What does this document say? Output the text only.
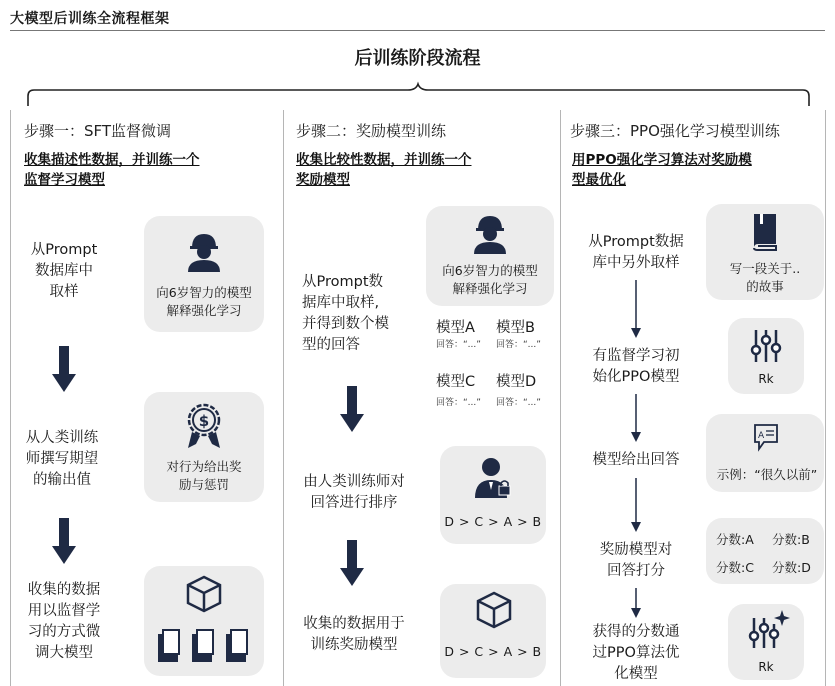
大模型后训练全流程框架
后训练阶段流程
步骤一：SFT监督微调
收集描述性数据，并训练一个
监督学习模型
从Prompt
数据库中
取样
从人类训练
师撰写期望
的输出值
收集的数据
用以监督学
习的方式微
调大模型
向6岁智力的模型
解释强化学习
$
对行为给出奖
励与惩罚
步骤二：奖励模型训练
收集比较性数据，并训练一个
奖励模型
从Prompt数
据库中取样,
并得到数个模
型的回答
由人类训练师对
回答进行排序
收集的数据用于
训练奖励模型
向6岁智力的模型
解释强化学习
模型A
回答：“...”
模型B
回答：“...”
模型C
回答：“...”
模型D
回答：“...”
D > C > A > B
D > C > A > B
步骤三：PPO强化学习模型训练
用PPO强化学习算法对奖励模
型最优化
从Prompt数据
库中另外取样
有监督学习初
始化PPO模型
模型给出回答
奖励模型对
回答打分
获得的分数通
过PPO算法优
化模型
写一段关于..
的故事
Rk
A
示例：“很久以前”
分数:A 分数:B
分数:C 分数:D
Rk
